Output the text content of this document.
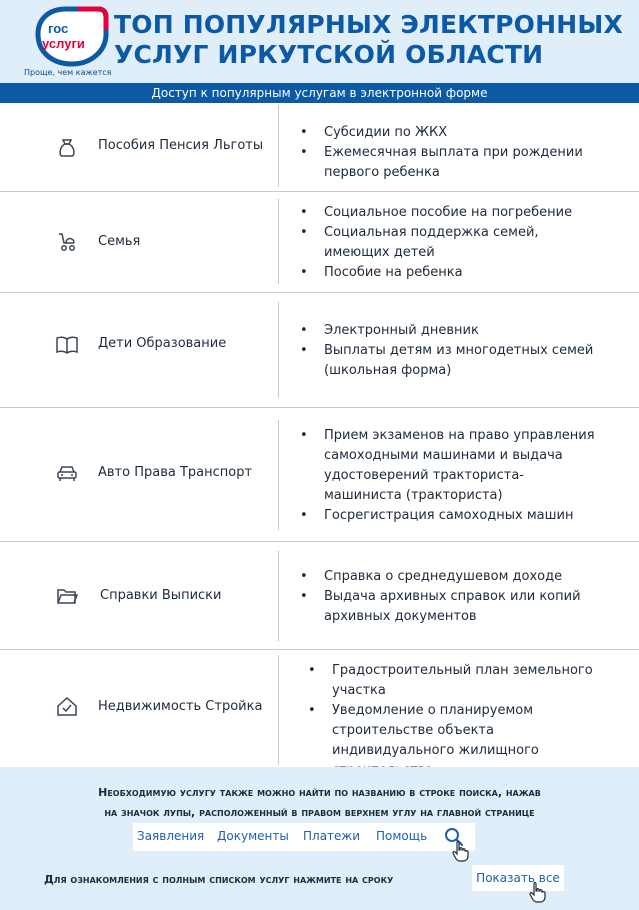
гос
услуги
Проще, чем кажется
ТОП ПОПУЛЯРНЫХ ЭЛЕКТРОННЫХ
УСЛУГ ИРКУТСКОЙ ОБЛАСТИ
Доступ к популярным услугам в электронной форме
Пособия Пенсия Льготы
• Субсидии по ЖКХ
• Ежемесячная выплата при рождении первого ребенка
Семья
• Социальное пособие на погребение
• Социальная поддержка семей, имеющих детей
• Пособие на ребенка
Дети Образование
• Электронный дневник
• Выплаты детям из многодетных семей (школьная форма)
Авто Права Транспорт
• Прием экзаменов на право управления самоходными машинами и выдача удостоверений тракториста-машиниста (тракториста)
• Госрегистрация самоходных машин
Справки Выписки
• Справка о среднедушевом доходе
• Выдача архивных справок или копий архивных документов
Недвижимость Стройка
• Градостроительный план земельного участка
• Уведомление о планируемом строительстве объекта индивидуального жилищного
Необходимую услугу также можно найти по названию в строке поиска, нажав
на значок лупы, расположенный в правом верхнем углу на главной странице
Заявления Документы Платежи Помощь
Для ознакомления с полным списком услуг нажмите на сроку	Показать все
